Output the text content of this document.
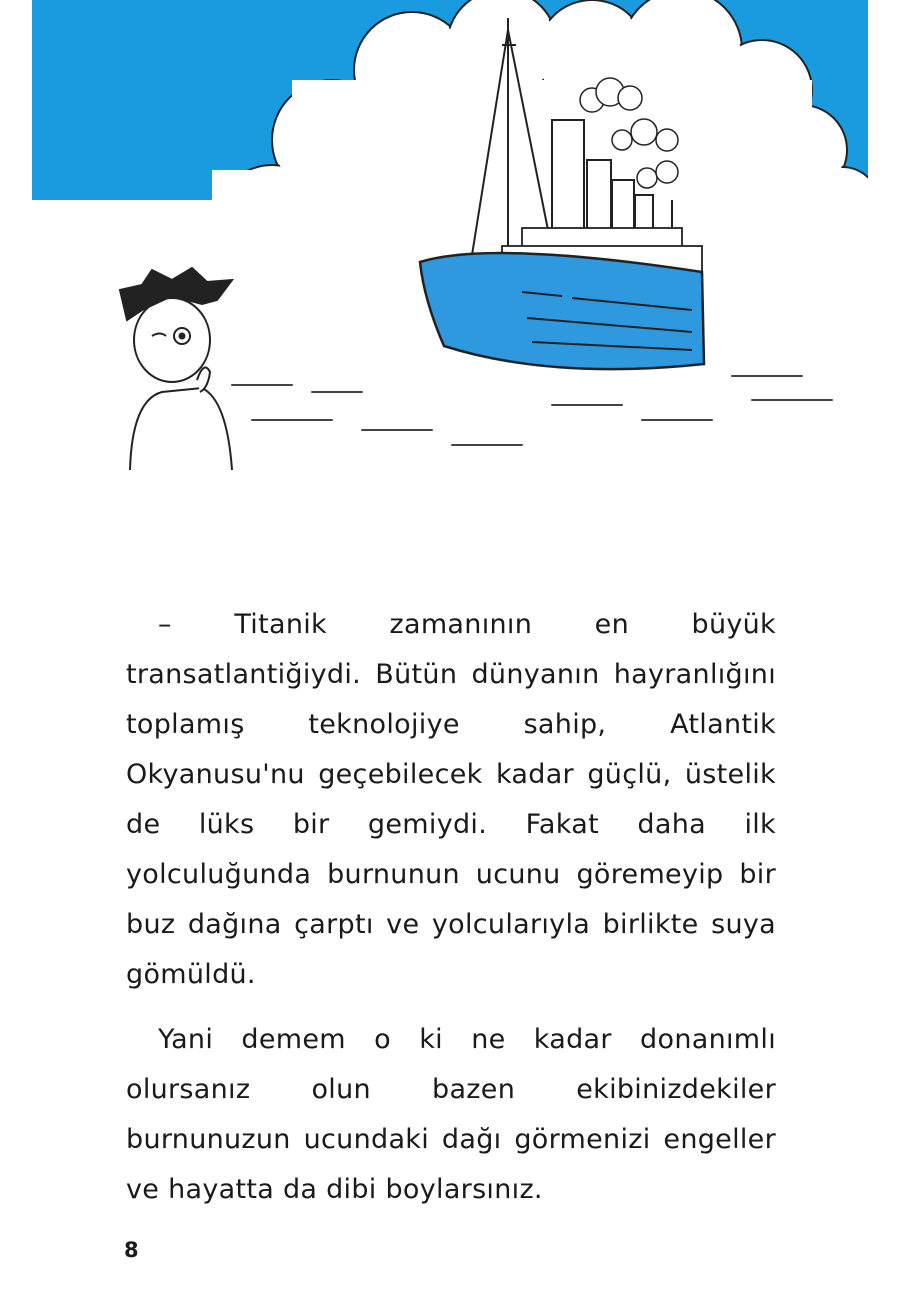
– Titanik zamanının en büyük transatlantiğiydi. Bütün dünyanın hayranlığını toplamış teknolojiye sahip, Atlantik Okyanusu'nu geçebilecek kadar güçlü, üstelik de lüks bir gemiydi. Fakat daha ilk yolculuğunda burnunun ucunu göremeyip bir buz dağına çarptı ve yolcularıyla birlikte suya gömüldü.

Yani demem o ki ne kadar donanımlı olursanız olun bazen ekibinizdekiler burnunuzun ucundaki dağı görmenizi engeller ve hayatta da dibi boylarsınız.

8
